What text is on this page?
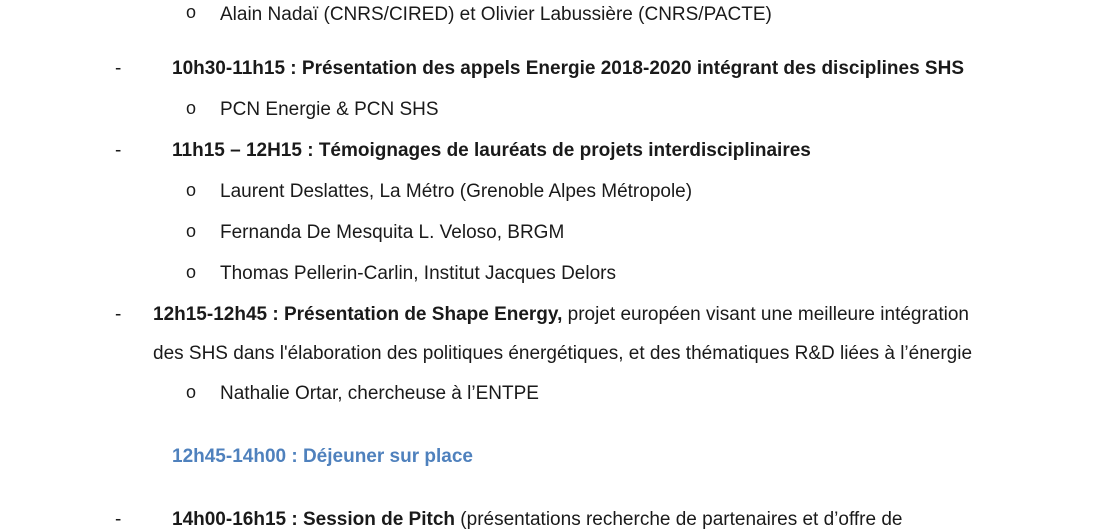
o Alain Nadaï (CNRS/CIRED) et Olivier Labussière (CNRS/PACTE)
-	10h30-11h15 : Présentation des appels Energie 2018-2020 intégrant des disciplines SHS
o PCN Energie & PCN SHS
-	11h15 – 12H15 : Témoignages de lauréats de projets interdisciplinaires
o Laurent Deslattes, La Métro (Grenoble Alpes Métropole)
o Fernanda De Mesquita L. Veloso, BRGM
o Thomas Pellerin-Carlin, Institut Jacques Delors
- 12h15-12h45 : Présentation de Shape Energy, projet européen visant une meilleure intégration
des SHS dans l'élaboration des politiques énergétiques, et des thématiques R&D liées à l’énergie
o Nathalie Ortar, chercheuse à l’ENTPE
12h45-14h00 : Déjeuner sur place
-	14h00-16h15 : Session de Pitch (présentations recherche de partenaires et d’offre de
